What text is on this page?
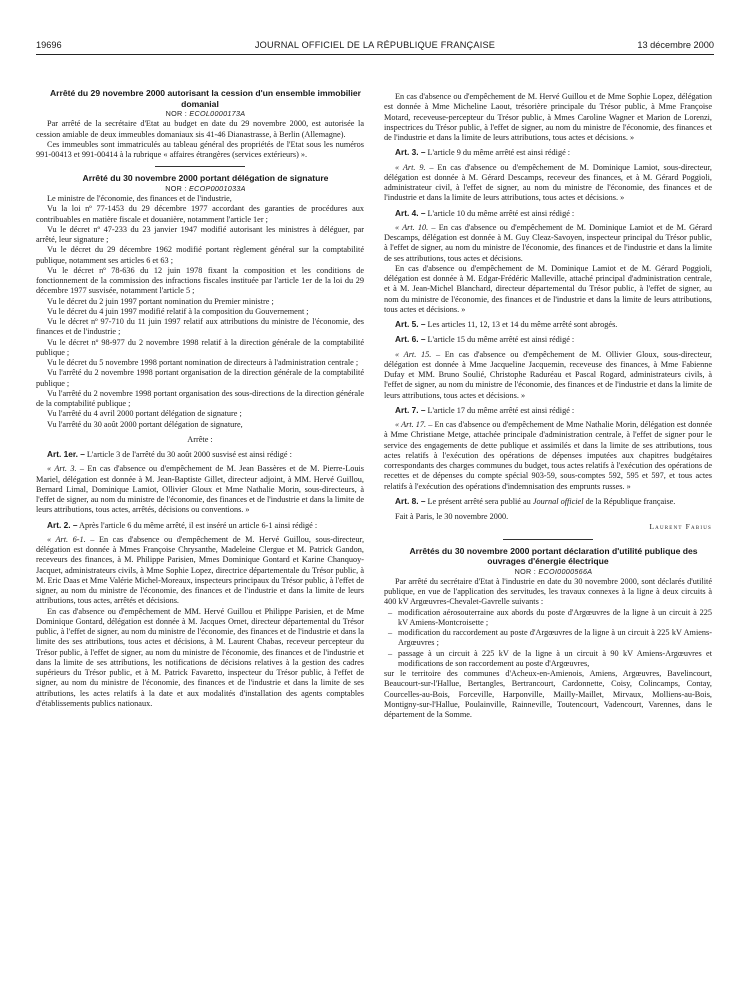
19696	JOURNAL OFFICIEL DE LA RÉPUBLIQUE FRANÇAISE	13 décembre 2000

Arrêté du 29 novembre 2000 autorisant la cession d'un ensemble immobilier domanial

NOR : ECOL0000173A

Par arrêté de la secrétaire d'Etat au budget en date du 29 novembre 2000, est autorisée la cession amiable de deux immeubles domaniaux sis 41-46 Dianastrasse, à Berlin (Allemagne).

Ces immeubles sont immatriculés au tableau général des propriétés de l'Etat sous les numéros 991-00413 et 991-00414 à la rubrique « affaires étrangères (services extérieurs) ».

Arrêté du 30 novembre 2000 portant délégation de signature

NOR : ECOP0001033A

Le ministre de l'économie, des finances et de l'industrie,

Vu la loi nº 77-1453 du 29 décembre 1977 accordant des garanties de procédures aux contribuables en matière fiscale et douanière, notamment l'article 1er ;

Vu le décret nº 47-233 du 23 janvier 1947 modifié autorisant les ministres à déléguer, par arrêté, leur signature ;

Vu le décret du 29 décembre 1962 modifié portant règlement général sur la comptabilité publique, notamment ses articles 6 et 63 ;

Vu le décret nº 78-636 du 12 juin 1978 fixant la composition et les conditions de fonctionnement de la commission des infractions fiscales instituée par l'article 1er de la loi du 29 décembre 1977 susvisée, notamment l'article 5 ;

Vu le décret du 2 juin 1997 portant nomination du Premier ministre ;

Vu le décret du 4 juin 1997 modifié relatif à la composition du Gouvernement ;

Vu le décret nº 97-710 du 11 juin 1997 relatif aux attributions du ministre de l'économie, des finances et de l'industrie ;

Vu le décret nº 98-977 du 2 novembre 1998 relatif à la direction générale de la comptabilité publique ;

Vu le décret du 5 novembre 1998 portant nomination de directeurs à l'administration centrale ;

Vu l'arrêté du 2 novembre 1998 portant organisation de la direction générale de la comptabilité publique ;

Vu l'arrêté du 2 novembre 1998 portant organisation des sous-directions de la direction générale de la comptabilité publique ;

Vu l'arrêté du 4 avril 2000 portant délégation de signature ;

Vu l'arrêté du 30 août 2000 portant délégation de signature,

Arrête :

Art. 1er. – L'article 3 de l'arrêté du 30 août 2000 susvisé est ainsi rédigé :

« Art. 3. – En cas d'absence ou d'empêchement de M. Jean Bassères et de M. Pierre-Louis Mariel, délégation est donnée à M. Jean-Baptiste Gillet, directeur adjoint, à MM. Hervé Guillou, Bernard Limal, Dominique Lamiot, Ollivier Gloux et Mme Nathalie Morin, sous-directeurs, à l'effet de signer, au nom du ministre de l'économie, des finances et de l'industrie et dans la limite de leurs attributions, tous actes, arrêtés, décisions ou conventions. »

Art. 2. – Après l'article 6 du même arrêté, il est inséré un article 6-1 ainsi rédigé :

« Art. 6-1. – En cas d'absence ou d'empêchement de M. Hervé Guillou, sous-directeur, délégation est donnée à Mmes Françoise Chrysanthe, Madeleine Clergue et M. Patrick Gandon, receveurs des finances, à M. Philippe Parisien, Mmes Dominique Gontard et Karine Chanquoy-Jacquet, administrateurs civils, à Mme Sophie Lopez, directrice départementale du Trésor public, à M. Eric Daas et Mme Valérie Michel-Moreaux, inspecteurs principaux du Trésor public, à l'effet de signer, au nom du ministre de l'économie, des finances et de l'industrie et dans la limite de leurs attributions, tous actes, arrêtés et décisions.

En cas d'absence ou d'empêchement de MM. Hervé Guillou et Philippe Parisien, et de Mme Dominique Gontard, délégation est donnée à M. Jacques Ornet, directeur départemental du Trésor public, à l'effet de signer, au nom du ministre de l'économie, des finances et de l'industrie et dans la limite des ses attributions, tous actes et décisions, à M. Laurent Chabas, receveur percepteur du Trésor public, à l'effet de signer, au nom du ministre de l'économie, des finances et de l'industrie et dans la limite de ses attributions, les notifications de décisions relatives à la gestion des cadres supérieurs du Trésor public, et à M. Patrick Favaretto, inspecteur du Trésor public, à l'effet de signer, au nom du ministre de l'économie, des finances et de l'industrie et dans la limite de ses attributions, les actes relatifs à la date et aux modalités d'installation des agents comptables d'établissements publics nationaux.

En cas d'absence ou d'empêchement de M. Hervé Guillou et de Mme Sophie Lopez, délégation est donnée à Mme Micheline Laout, trésorière principale du Trésor public, à Mme Françoise Motard, receveuse-percepteur du Trésor public, à Mmes Caroline Wagner et Marion de Lorenzi, inspectrices du Trésor public, à l'effet de signer, au nom du ministre de l'économie, des finances et de l'industrie et dans la limite de leurs attributions, tous actes et décisions. »

Art. 3. – L'article 9 du même arrêté est ainsi rédigé :

« Art. 9. – En cas d'absence ou d'empêchement de M. Dominique Lamiot, sous-directeur, délégation est donnée à M. Gérard Descamps, receveur des finances, et à M. Gérard Poggioli, administrateur civil, à l'effet de signer, au nom du ministre de l'économie, des finances et de l'industrie et dans la limite de leurs attributions, tous actes et décisions. »

Art. 4. – L'article 10 du même arrêté est ainsi rédigé :

« Art. 10. – En cas d'absence ou d'empêchement de M. Dominique Lamiot et de M. Gérard Descamps, délégation est donnée à M. Guy Cleaz-Savoyen, inspecteur principal du Trésor public, à l'effet de signer, au nom du ministre de l'économie, des finances et de l'industrie et dans la limite de ses attributions, tous actes et décisions.

En cas d'absence ou d'empêchement de M. Dominique Lamiot et de M. Gérard Poggioli, délégation est donnée à M. Edgar-Frédéric Malleville, attaché principal d'administration centrale, et à M. Jean-Michel Blanchard, directeur départemental du Trésor public, à l'effet de signer, au nom du ministre de l'économie, des finances et de l'industrie et dans la limite de leurs attributions, tous actes et décisions. »

Art. 5. – Les articles 11, 12, 13 et 14 du même arrêté sont abrogés.

Art. 6. – L'article 15 du même arrêté est ainsi rédigé :

« Art. 15. – En cas d'absence ou d'empêchement de M. Ollivier Gloux, sous-directeur, délégation est donnée à Mme Jacqueline Jacquemin, receveuse des finances, à Mme Fabienne Dufay et MM. Bruno Soulié, Christophe Raduréau et Pascal Rogard, administrateurs civils, à l'effet de signer, au nom du ministre de l'économie, des finances et de l'industrie et dans la limite de leurs attributions, tous actes et décisions. »

Art. 7. – L'article 17 du même arrêté est ainsi rédigé :

« Art. 17. – En cas d'absence ou d'empêchement de Mme Nathalie Morin, délégation est donnée à Mme Christiane Metge, attachée principale d'administration centrale, à l'effet de signer pour le service des engagements de dette publique et assimilés et dans la limite de ses attributions, tous actes relatifs à l'exécution des opérations de dépenses imputées aux chapitres budgétaires correspondants des charges communes du budget, tous actes relatifs à l'exécution des opérations de recettes et de dépenses du compte spécial 903-59, sous-comptes 592, 595 et 597, et tous actes relatifs à l'exécution des opérations d'indemnisation des emprunts russes. »

Art. 8. – Le présent arrêté sera publié au Journal officiel de la République française.

Fait à Paris, le 30 novembre 2000.

Laurent Fabius

Arrêtés du 30 novembre 2000 portant déclaration d'utilité publique des ouvrages d'énergie électrique

NOR : ECOI0000566A

Par arrêté du secrétaire d'Etat à l'industrie en date du 30 novembre 2000, sont déclarés d'utilité publique, en vue de l'application des servitudes, les travaux connexes à la ligne à deux circuits à 400 kV Argœuvres-Chevalet-Gavrelle suivants :

– modification aérosouterraine aux abords du poste d'Argœuvres de la ligne à un circuit à 225 kV Amiens-Montcroisette ;
– modification du raccordement au poste d'Argœuvres de la ligne à un circuit à 225 kV Amiens-Argœuvres ;
– passage à un circuit à 225 kV de la ligne à un circuit à 90 kV Amiens-Argœuvres et modifications de son raccordement au poste d'Argœuvres,

sur le territoire des communes d'Acheux-en-Amienois, Amiens, Argœuvres, Bavelincourt, Beaucourt-sur-l'Hallue, Bertangles, Bertrancourt, Cardonnette, Coisy, Colincamps, Contay, Courcelles-au-Bois, Forceville, Harponville, Mailly-Maillet, Mirvaux, Molliens-au-Bois, Montigny-sur-l'Hallue, Poulainville, Rainneville, Toutencourt, Vadencourt, Varennes, dans le département de la Somme.
